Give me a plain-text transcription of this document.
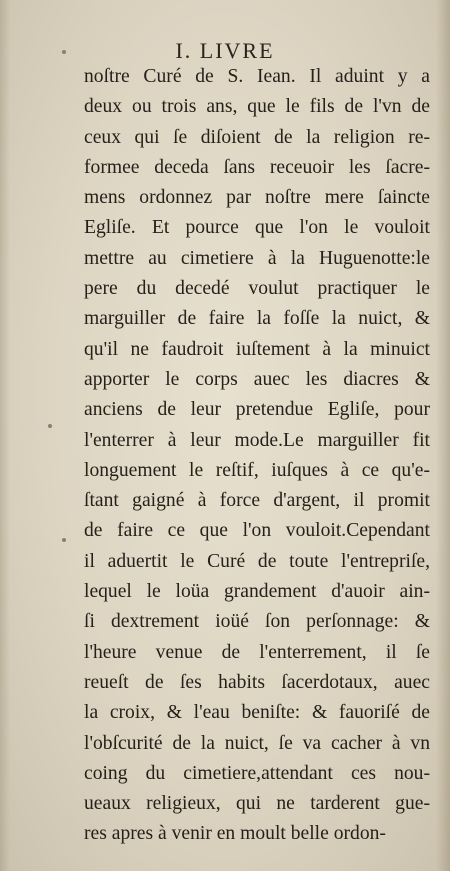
I. LIVRE
noſtre Curé de S. Iean. Il aduint y a
deux ou trois ans, que le fils de l'vn de
ceux qui ſe diſoient de la religion re-
formee deceda ſans receuoir les ſacre-
mens ordonnez par noſtre mere ſaincte
Egliſe. Et pource que l'on le vouloit
mettre au cimetiere à la Huguenotte:le
pere du decedé voulut practiquer le
marguiller de faire la foſſe la nuict, &
qu'il ne faudroit iuſtement à la minuict
apporter le corps auec les diacres &
anciens de leur pretendue Egliſe, pour
l'enterrer à leur mode.Le marguiller fit
longuement le reſtif, iuſques à ce qu'e-
ſtant gaigné à force d'argent, il promit
de faire ce que l'on vouloit.Cependant
il aduertit le Curé de toute l'entrepriſe,
lequel le loüa grandement d'auoir ain-
ſi dextrement ioüé ſon perſonnage: &
l'heure venue de l'enterrement, il ſe
reueſt de ſes habits ſacerdotaux, auec
la croix, & l'eau beniſte: & fauoriſé de
l'obſcurité de la nuict, ſe va cacher à vn
coing du cimetiere,attendant ces nou-
ueaux religieux, qui ne tarderent gue-
res apres à venir en moult belle ordon-
